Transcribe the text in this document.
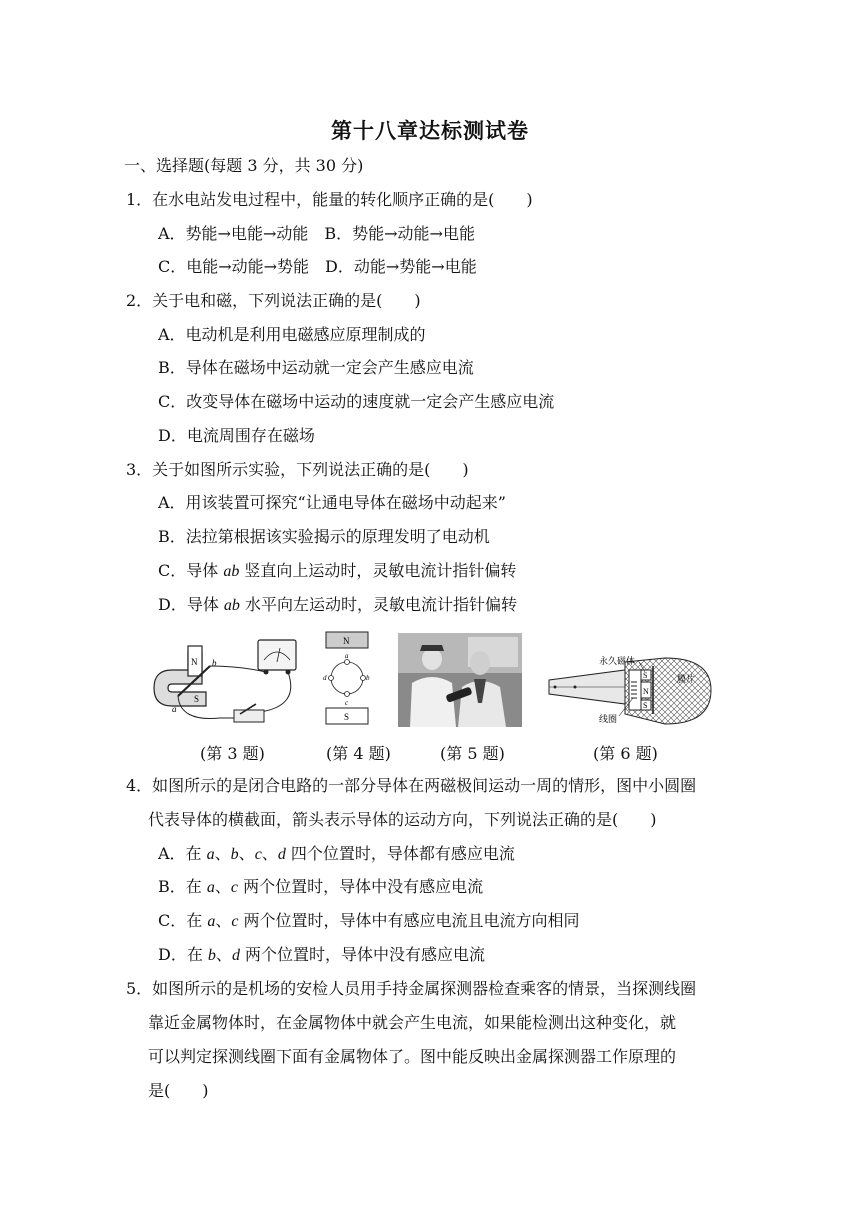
第十八章达标测试卷
一、选择题(每题 3 分，共 30 分)
1．在水电站发电过程中，能量的转化顺序正确的是(　　)
A．势能→电能→动能　B．势能→动能→电能
C．电能→动能→势能　D．动能→势能→电能
2．关于电和磁，下列说法正确的是(　　)
A．电动机是利用电磁感应原理制成的
B．导体在磁场中运动就一定会产生感应电流
C．改变导体在磁场中运动的速度就一定会产生感应电流
D．电流周围存在磁场
3．关于如图所示实验，下列说法正确的是(　　)
A．用该装置可探究“让通电导体在磁场中动起来”
B．法拉第根据该实验揭示的原理发明了电动机
C．导体 ab 竖直向上运动时，灵敏电流计指针偏转
D．导体 ab 水平向左运动时，灵敏电流计指针偏转
N
S
a
b
N
S
a
b
c
d	S
N
S
永久磁体
膜片
线圈
(第 3 题)	(第 4 题)	(第 5 题)	(第 6 题)
4．如图所示的是闭合电路的一部分导体在两磁极间运动一周的情形，图中小圆圈
代表导体的横截面，箭头表示导体的运动方向，下列说法正确的是(　　)
A．在 a、b、c、d 四个位置时，导体都有感应电流
B．在 a、c 两个位置时，导体中没有感应电流
C．在 a、c 两个位置时，导体中有感应电流且电流方向相同
D．在 b、d 两个位置时，导体中没有感应电流
5．如图所示的是机场的安检人员用手持金属探测器检查乘客的情景，当探测线圈
靠近金属物体时，在金属物体中就会产生电流，如果能检测出这种变化，就
可以判定探测线圈下面有金属物体了。图中能反映出金属探测器工作原理的
是(　　)
